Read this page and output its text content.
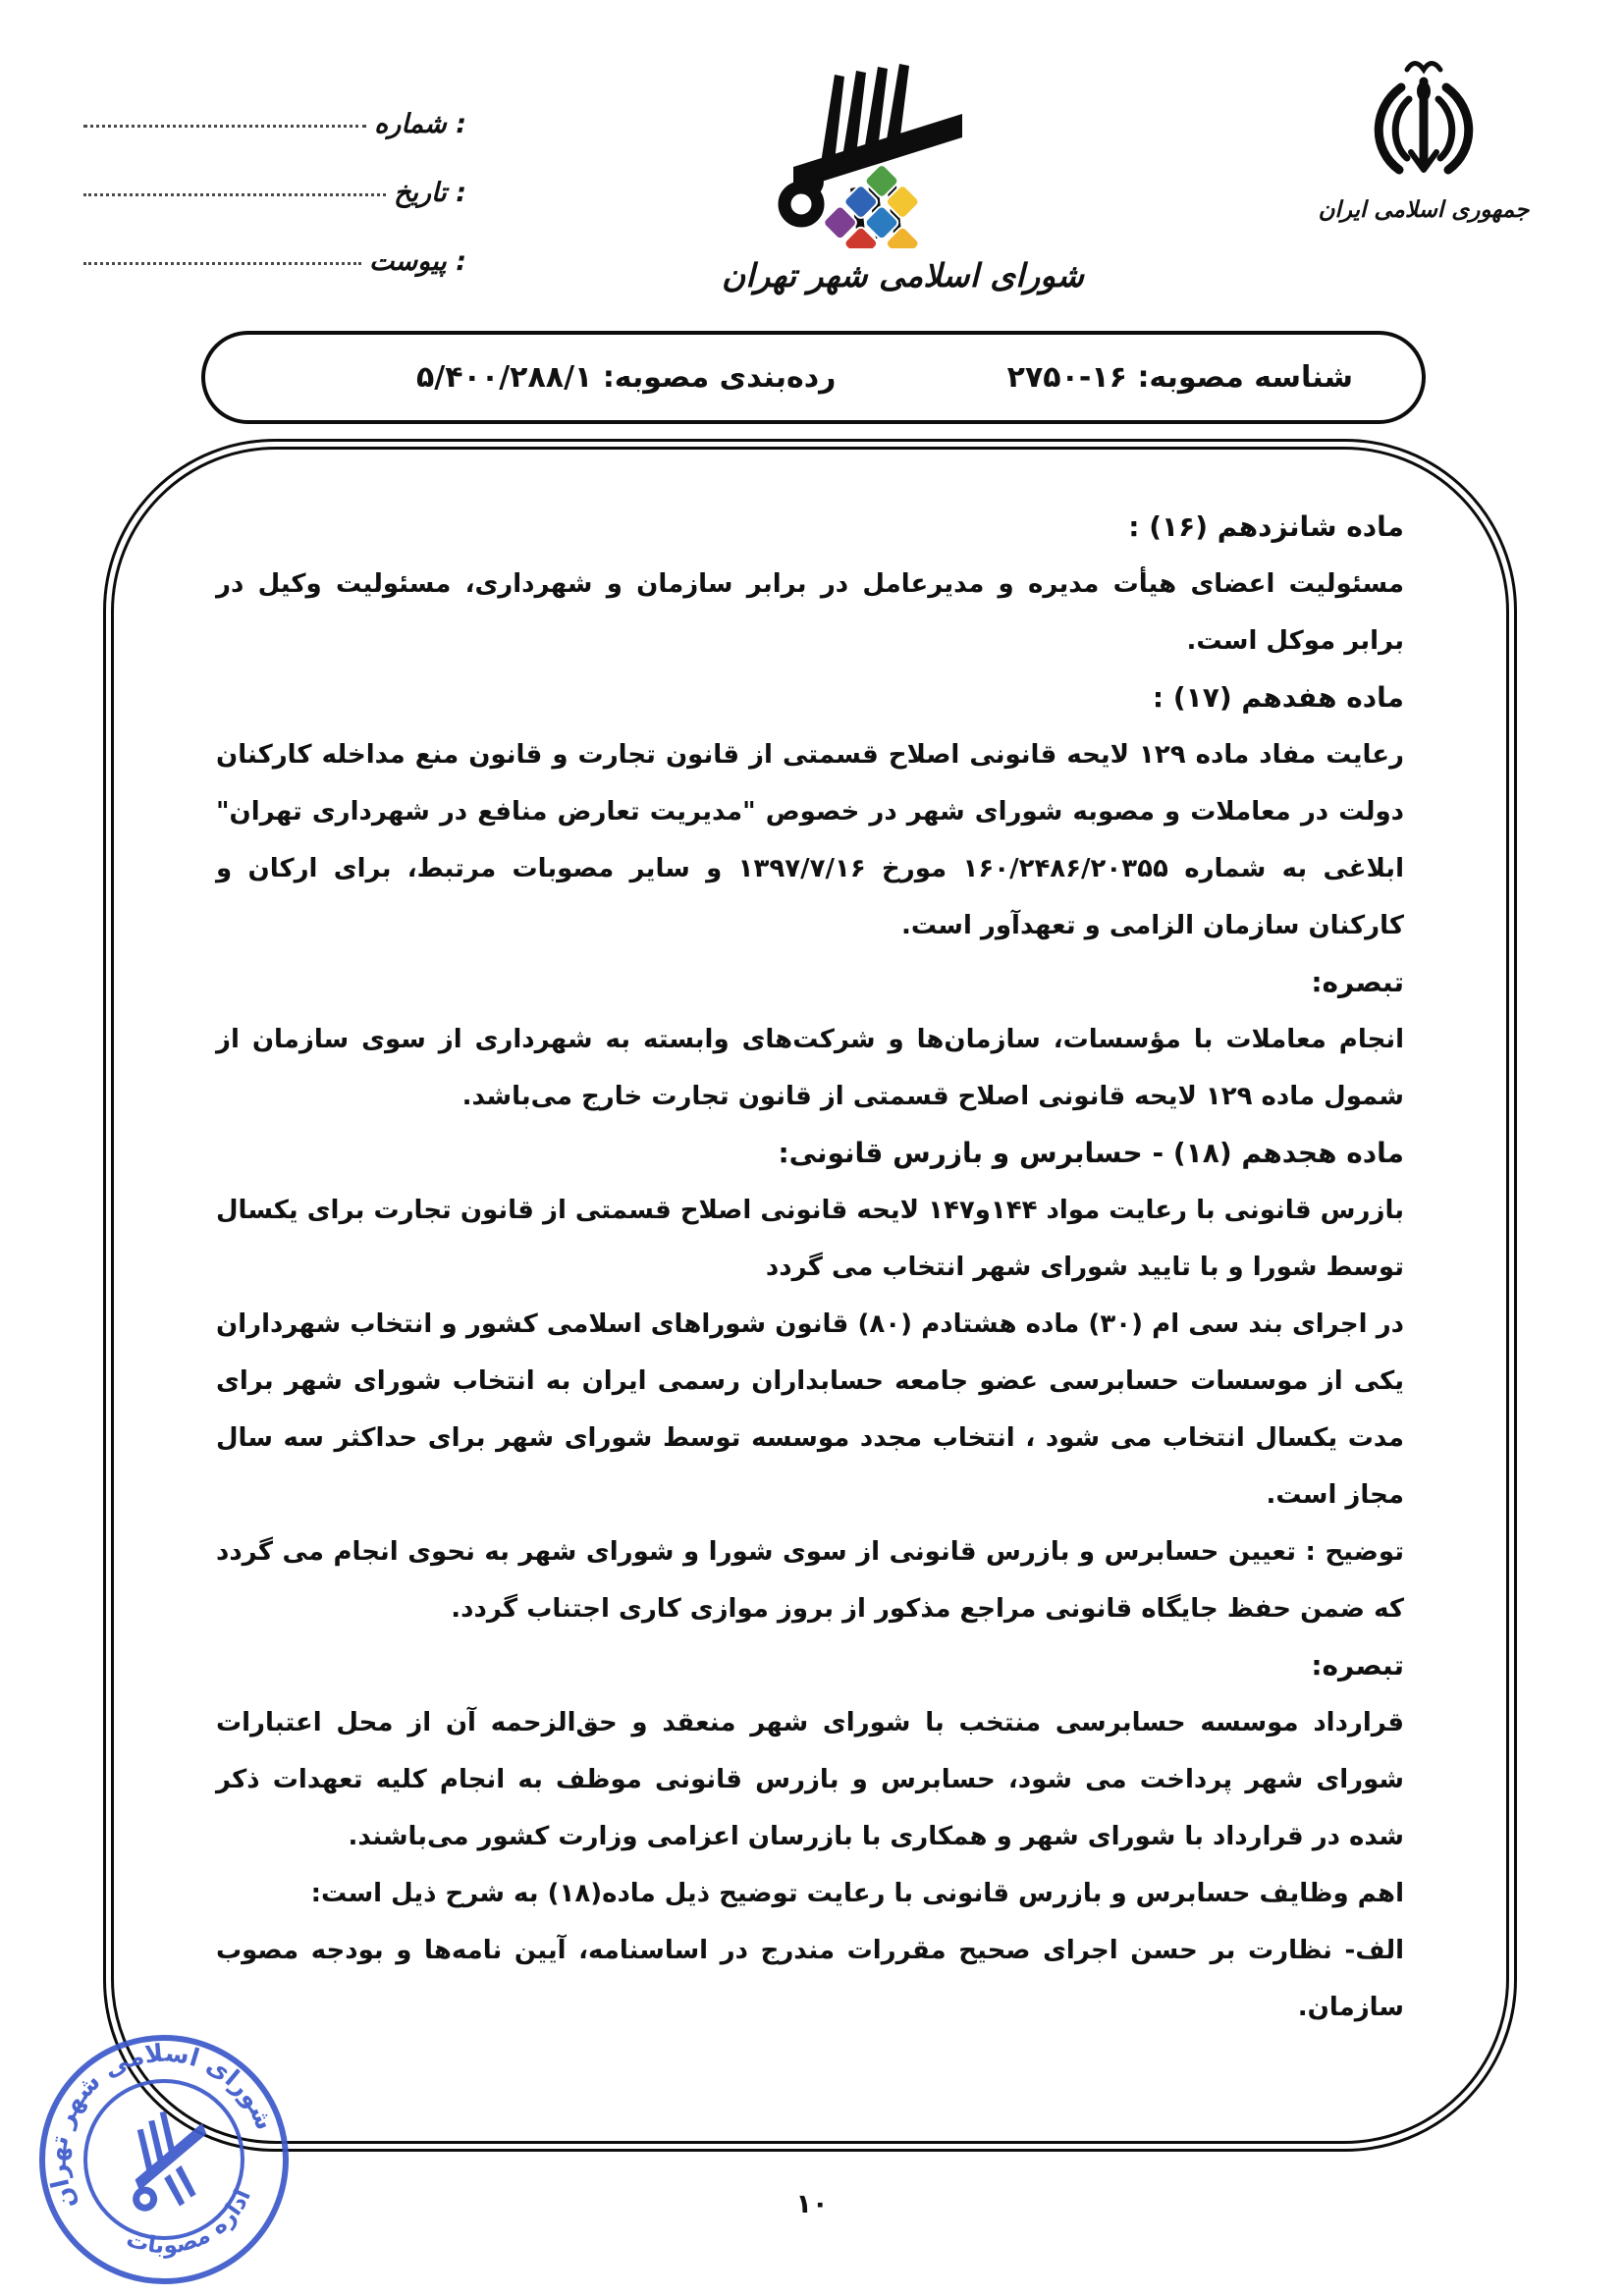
شماره :
تاریخ :
پیوست :	شورای اسلامی شهر تهران
جمهوری اسلامی ایران
شناسه مصوبه: ۲۷۵۰-۱۶
رده‌بندی مصوبه: ۵/۴۰۰/۲۸۸/۱
ماده شانزدهم (۱۶) :

مسئولیت اعضای هیأت مدیره و مدیرعامل در برابر سازمان و شهرداری، مسئولیت وکیل در برابر موکل است.

ماده هفدهم (۱۷) :

رعایت مفاد ماده ۱۲۹ لایحه قانونی اصلاح قسمتی از قانون تجارت و قانون منع مداخله کارکنان دولت در معاملات و مصوبه شورای شهر در خصوص "مدیریت تعارض منافع در شهرداری تهران" ابلاغی به شماره ۱۶۰/۲۴۸۶/۲۰۳۵۵ مورخ ۱۳۹۷/۷/۱۶ و سایر مصوبات مرتبط، برای ارکان و کارکنان سازمان الزامی و تعهدآور است.

تبصره:

انجام معاملات با مؤسسات، سازمان‌ها و شرکت‌های وابسته به شهرداری از سوی سازمان از شمول ماده ۱۲۹ لایحه قانونی اصلاح قسمتی از قانون تجارت خارج می‌باشد.

ماده هجدهم (۱۸) - حسابرس و بازرس قانونی:

بازرس قانونی با رعایت مواد ۱۴۴و۱۴۷ لایحه قانونی اصلاح قسمتی از قانون تجارت برای یکسال توسط شورا و با تایید شورای شهر انتخاب می گردد

در اجرای بند سی ام (۳۰) ماده هشتادم (۸۰) قانون شوراهای اسلامی کشور و انتخاب شهرداران یکی از موسسات حسابرسی عضو جامعه حسابداران رسمی ایران به انتخاب شورای شهر برای مدت یکسال انتخاب می شود ، انتخاب مجدد موسسه توسط شورای شهر برای حداکثر سه سال مجاز است.

توضیح : تعیین حسابرس و بازرس قانونی از سوی شورا و شورای شهر به نحوی انجام می گردد که ضمن حفظ جایگاه قانونی مراجع مذکور از بروز موازی کاری اجتناب گردد.

تبصره:

قرارداد موسسه حسابرسی منتخب با شورای شهر منعقد و حق‌الزحمه آن از محل اعتبارات شورای شهر پرداخت می شود، حسابرس و بازرس قانونی موظف به انجام کلیه تعهدات ذکر شده در قرارداد با شورای شهر و همکاری با بازرسان اعزامی وزارت کشور می‌باشند.

اهم وظایف حسابرس و بازرس قانونی با رعایت توضیح ذیل ماده(۱۸) به شرح ذیل است:

الف- نظارت بر حسن اجرای صحیح مقررات مندرج در اساسنامه، آیین نامه‌ها و بودجه مصوب سازمان.

شورای اسلامی شهر تهران
اداره مصوبات	۱۰
